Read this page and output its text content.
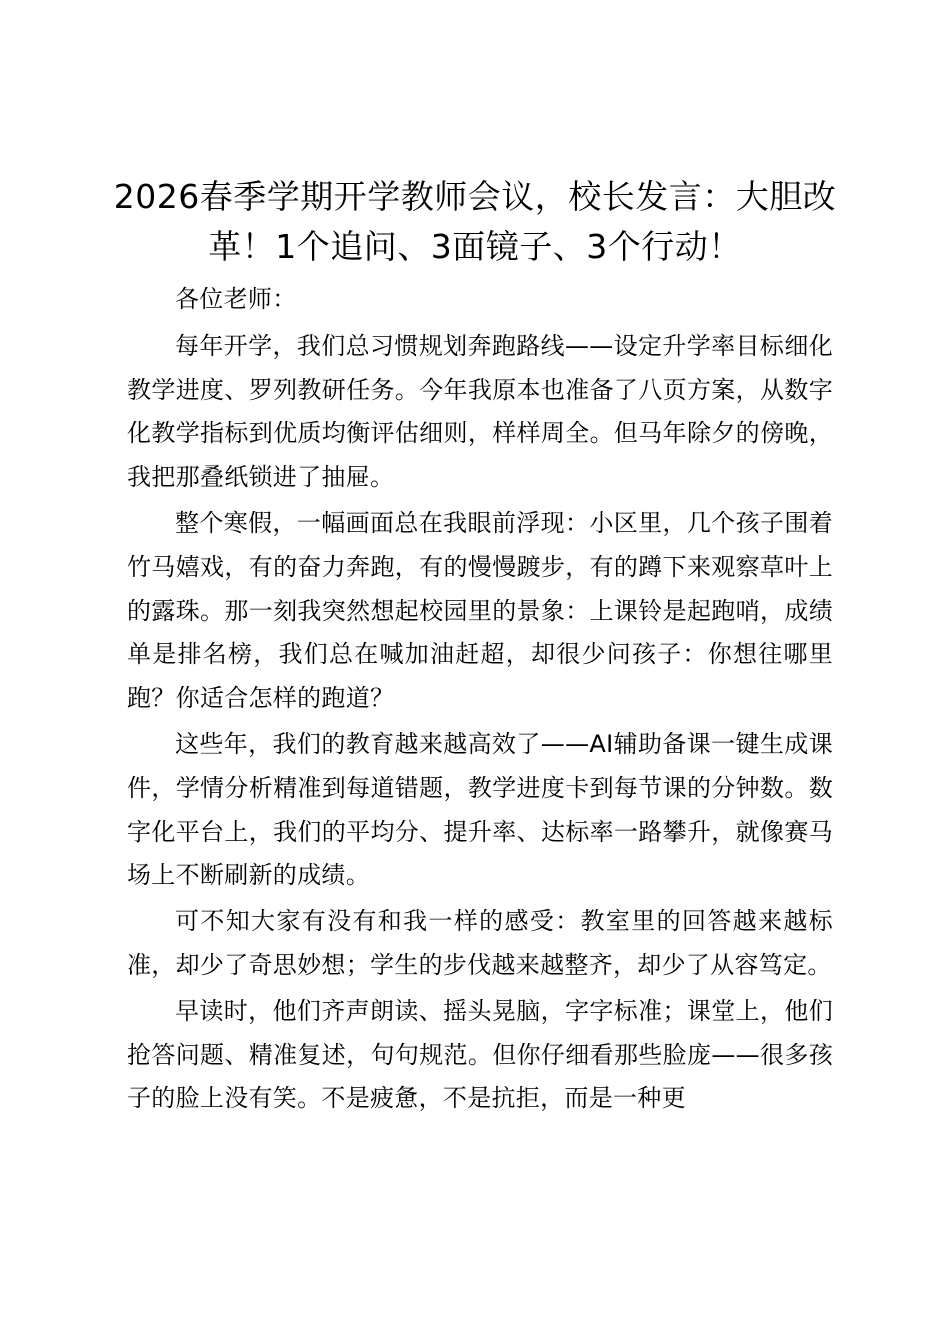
2026春季学期开学教师会议，校长发言：大胆改革！1个追问、3面镜子、3个行动！

各位老师：

每年开学，我们总习惯规划奔跑路线——设定升学率目标细化教学进度、罗列教研任务。今年我原本也准备了八页方案，从数字化教学指标到优质均衡评估细则，样样周全。但马年除夕的傍晚，我把那叠纸锁进了抽屉。

整个寒假，一幅画面总在我眼前浮现：小区里，几个孩子围着竹马嬉戏，有的奋力奔跑，有的慢慢踱步，有的蹲下来观察草叶上的露珠。那一刻我突然想起校园里的景象：上课铃是起跑哨，成绩单是排名榜，我们总在喊加油赶超，却很少问孩子：你想往哪里跑？你适合怎样的跑道？

这些年，我们的教育越来越高效了——AI辅助备课一键生成课件，学情分析精准到每道错题，教学进度卡到每节课的分钟数。数字化平台上，我们的平均分、提升率、达标率一路攀升，就像赛马场上不断刷新的成绩。

可不知大家有没有和我一样的感受：教室里的回答越来越标准，却少了奇思妙想；学生的步伐越来越整齐，却少了从容笃定。

早读时，他们齐声朗读、摇头晃脑，字字标准；课堂上，他们抢答问题、精准复述，句句规范。但你仔细看那些脸庞——很多孩子的脸上没有笑。不是疲惫，不是抗拒，而是一种更
